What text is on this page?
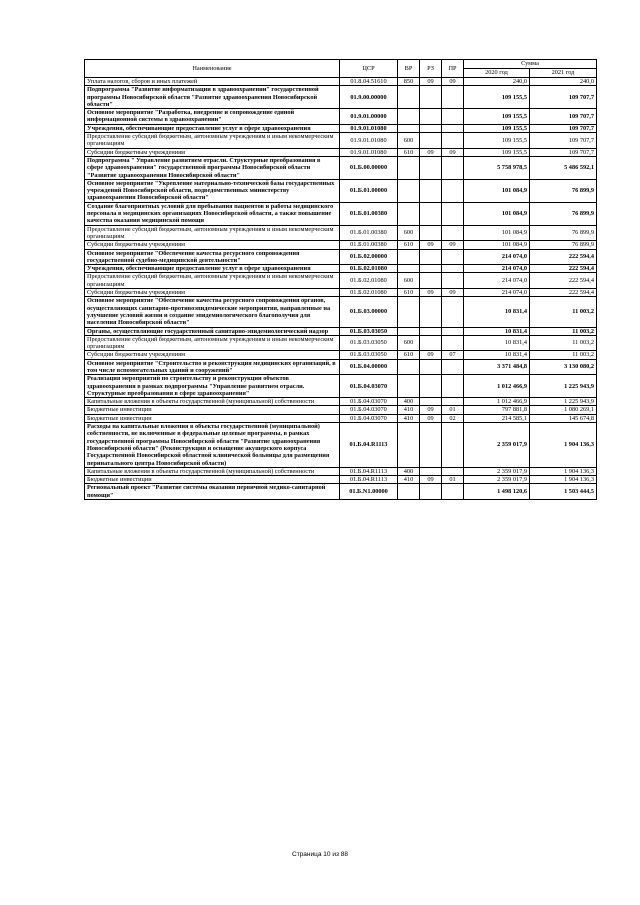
Наименование	ЦСР	ВР	РЗ	ПР	Сумма	
					2020 год	2021 год
Уплата налогов, сборов и иных платежей	01.8.04.51610	850	09	09	240,0	240,0
Подпрограмма "Развитие информатизации в здравоохранении" государственной программы Новосибирской области "Развитие здравоохранения Новосибирской области"	01.9.00.00000				109 155,5	109 707,7
Основное мероприятие "Разработка, внедрение и сопровождение единой информационной системы в здравоохранении"	01.9.01.00000				109 155,5	109 707,7
Учреждения, обеспечивающие предоставление услуг в сфере здравоохранения	01.9.01.01080				109 155,5	109 707,7
Предоставление субсидий бюджетным, автономным учреждениям и иным некоммерческим организациям	01.9.01.01080	600			109 155,5	109 707,7
Субсидии бюджетным учреждениям	01.9.01.01080	610	09	09	109 155,5	109 707,7
Подпрограмма " Управление развитием отрасли. Структурные преобразования в сфере здравоохранения" государственной программы Новосибирской области "Развитие здравоохранения Новосибирской области"	01.Б.00.00000				5 758 978,5	5 486 592,1
Основное мероприятие "Укрепление материально-технической базы государственных учреждений Новосибирской области, подведомственных министерству здравоохранения Новосибирской области"	01.Б.01.00000				101 084,9	76 899,9
Создание благоприятных условий для пребывания пациентов и работы медицинского персонала в медицинских организациях Новосибирской области, а также повышение качества оказания медицинской помощи	01.Б.01.00380				101 084,9	76 899,9
Предоставление субсидий бюджетным, автономным учреждениям и иным некоммерческим организациям	01.Б.01.00380	600			101 084,9	76 899,9
Субсидии бюджетным учреждениям	01.Б.01.00380	610	09	09	101 084,9	76 899,9
Основное мероприятие "Обеспечение качества ресурсного сопровождения государственной судебно-медицинской деятельности"	01.Б.02.00000				214 074,0	222 594,4
Учреждения, обеспечивающие предоставление услуг в сфере здравоохранения	01.Б.02.01080				214 074,0	222 594,4
Предоставление субсидий бюджетным, автономным учреждениям и иным некоммерческим организациям	01.Б.02.01080	600			214 074,0	222 594,4
Субсидии бюджетным учреждениям	01.Б.02.01080	610	09	09	214 074,0	222 594,4
Основное мероприятие "Обеспечение качества ресурсного сопровождения органов, осуществляющих санитарно-противоэпидемические мероприятия, направленные на улучшение условий жизни и создание эпидемиологического благополучия для населения Новосибирской области"	01.Б.03.00000				10 831,4	11 003,2
Органы, осуществляющие государственный санитарно-эпидемиологический надзор	01.Б.03.03050				10 831,4	11 003,2
Предоставление субсидий бюджетным, автономным учреждениям и иным некоммерческим организациям	01.Б.03.03050	600			10 831,4	11 003,2
Субсидии бюджетным учреждениям	01.Б.03.03050	610	09	07	10 831,4	11 003,2
Основное мероприятие "Строительство и реконструкция медицинских организаций, в том числе вспомогательных зданий и сооружений"	01.Б.04.00000				3 371 484,8	3 130 080,2
Реализация мероприятий по строительству и реконструкции объектов здравоохранения в рамках подпрограммы "Управление развитием отрасли. Структурные преобразования в сфере здравоохранения"	01.Б.04.03070				1 012 466,9	1 225 943,9
Капитальные вложения в объекты государственной (муниципальной) собственности	01.Б.04.03070	400			1 012 466,9	1 225 943,9
Бюджетные инвестиции	01.Б.04.03070	410	09	01	797 881,8	1 080 269,1
Бюджетные инвестиции	01.Б.04.03070	410	09	02	214 585,1	145 674,8
Расходы на капитальные вложения в объекты государственной (муниципальной) собственности, не включенные в федеральные целевые программы, в рамках государственной программы Новосибирской области "Развитие здравоохранения Новосибирской области" (Реконструкция и оснащение акушерского корпуса Государственной Новосибирской областной клинической больницы для размещения перинатального центра Новосибирской области)	01.Б.04.R1113				2 359 017,9	1 904 136,3
Капитальные вложения в объекты государственной (муниципальной) собственности	01.Б.04.R1113	400			2 359 017,9	1 904 136,3
Бюджетные инвестиции	01.Б.04.R1113	410	09	01	2 359 017,9	1 904 136,3
Региональный проект "Развитие системы оказания первичной медико-санитарной помощи"	01.Б.N1.00000				1 498 120,6	1 503 444,5
Страница 10 из 88
